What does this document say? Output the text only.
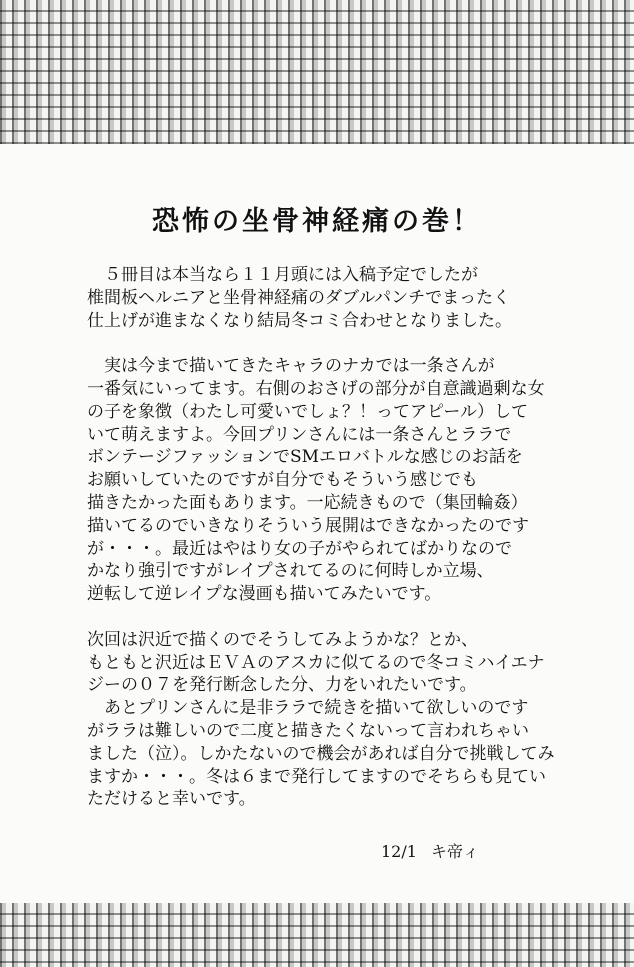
恐怖の坐骨神経痛の巻！
　５冊目は本当なら１１月頭には入稿予定でしたが
椎間板ヘルニアと坐骨神経痛のダブルパンチでまったく
仕上げが進まなくなり結局冬コミ合わせとなりました。
　実は今まで描いてきたキャラのナカでは一条さんが
一番気にいってます。右側のおさげの部分が自意識過剰な女
の子を象徴（わたし可愛いでしょ？！ってアピール）して
いて萌えますよ。今回プリンさんには一条さんとララで
ボンテージファッションでSMエロバトルな感じのお話を
お願いしていたのですが自分でもそういう感じでも
描きたかった面もあります。一応続きもので（集団輪姦）
描いてるのでいきなりそういう展開はできなかったのです
が・・・。最近はやはり女の子がやられてばかりなので
かなり強引ですがレイプされてるのに何時しか立場、
逆転して逆レイプな漫画も描いてみたいです。
次回は沢近で描くのでそうしてみようかな？とか、
もともと沢近はＥＶＡのアスカに似てるので冬コミハイエナ
ジーの０７を発行断念した分、力をいれたいです。
　あとプリンさんに是非ララで続きを描いて欲しいのです
がララは難しいので二度と描きたくないって言われちゃい
ました（泣）。しかたないので機会があれば自分で挑戦してみ
ますか・・・。冬は６まで発行してますのでそちらも見てい
ただけると幸いです。
12/1 キ帝ィ
